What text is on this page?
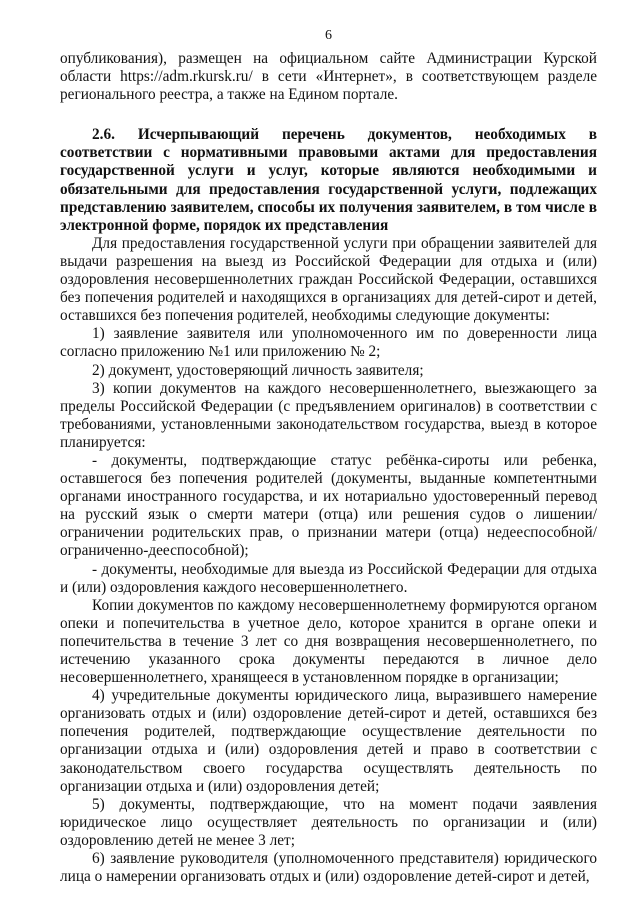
6

опубликования), размещен на официальном сайте Администрации Курской области https://adm.rkursk.ru/ в сети «Интернет», в соответствующем разделе регионального реестра, а также на Едином портале.

2.6. Исчерпывающий перечень документов, необходимых в соответствии с нормативными правовыми актами для предоставления государственной услуги и услуг, которые являются необходимыми и обязательными для предоставления государственной услуги, подлежащих представлению заявителем, способы их получения заявителем, в том числе в электронной форме, порядок их представления

Для предоставления государственной услуги при обращении заявителей для выдачи разрешения на выезд из Российской Федерации для отдыха и (или) оздоровления несовершеннолетних граждан Российской Федерации, оставшихся без попечения родителей и находящихся в организациях для детей-сирот и детей, оставшихся без попечения родителей, необходимы следующие документы:

1) заявление заявителя или уполномоченного им по доверенности лица согласно приложению №1 или приложению № 2;

2) документ, удостоверяющий личность заявителя;

3) копии документов на каждого несовершеннолетнего, выезжающего за пределы Российской Федерации (с предъявлением оригиналов) в соответствии с требованиями, установленными законодательством государства, выезд в которое планируется:

- документы, подтверждающие статус ребёнка-сироты или ребенка, оставшегося без попечения родителей (документы, выданные компетентными органами иностранного государства, и их нотариально удостоверенный перевод на русский язык о смерти матери (отца) или решения судов о лишении/ограничении родительских прав, о признании матери (отца) недееспособной/ограниченно-дееспособной);

- документы, необходимые для выезда из Российской Федерации для отдыха и (или) оздоровления каждого несовершеннолетнего.

Копии документов по каждому несовершеннолетнему формируются органом опеки и попечительства в учетное дело, которое хранится в органе опеки и попечительства в течение 3 лет со дня возвращения несовершеннолетнего, по истечению указанного срока документы передаются в личное дело несовершеннолетнего, хранящееся в установленном порядке в организации;

4) учредительные документы юридического лица, выразившего намерение организовать отдых и (или) оздоровление детей-сирот и детей, оставшихся без попечения родителей, подтверждающие осуществление деятельности по организации отдыха и (или) оздоровления детей и право в соответствии с законодательством своего государства осуществлять деятельность по организации отдыха и (или) оздоровления детей;

5) документы, подтверждающие, что на момент подачи заявления юридическое лицо осуществляет деятельность по организации и (или) оздоровлению детей не менее 3 лет;

6) заявление руководителя (уполномоченного представителя) юридического лица о намерении организовать отдых и (или) оздоровление детей-сирот и детей,
